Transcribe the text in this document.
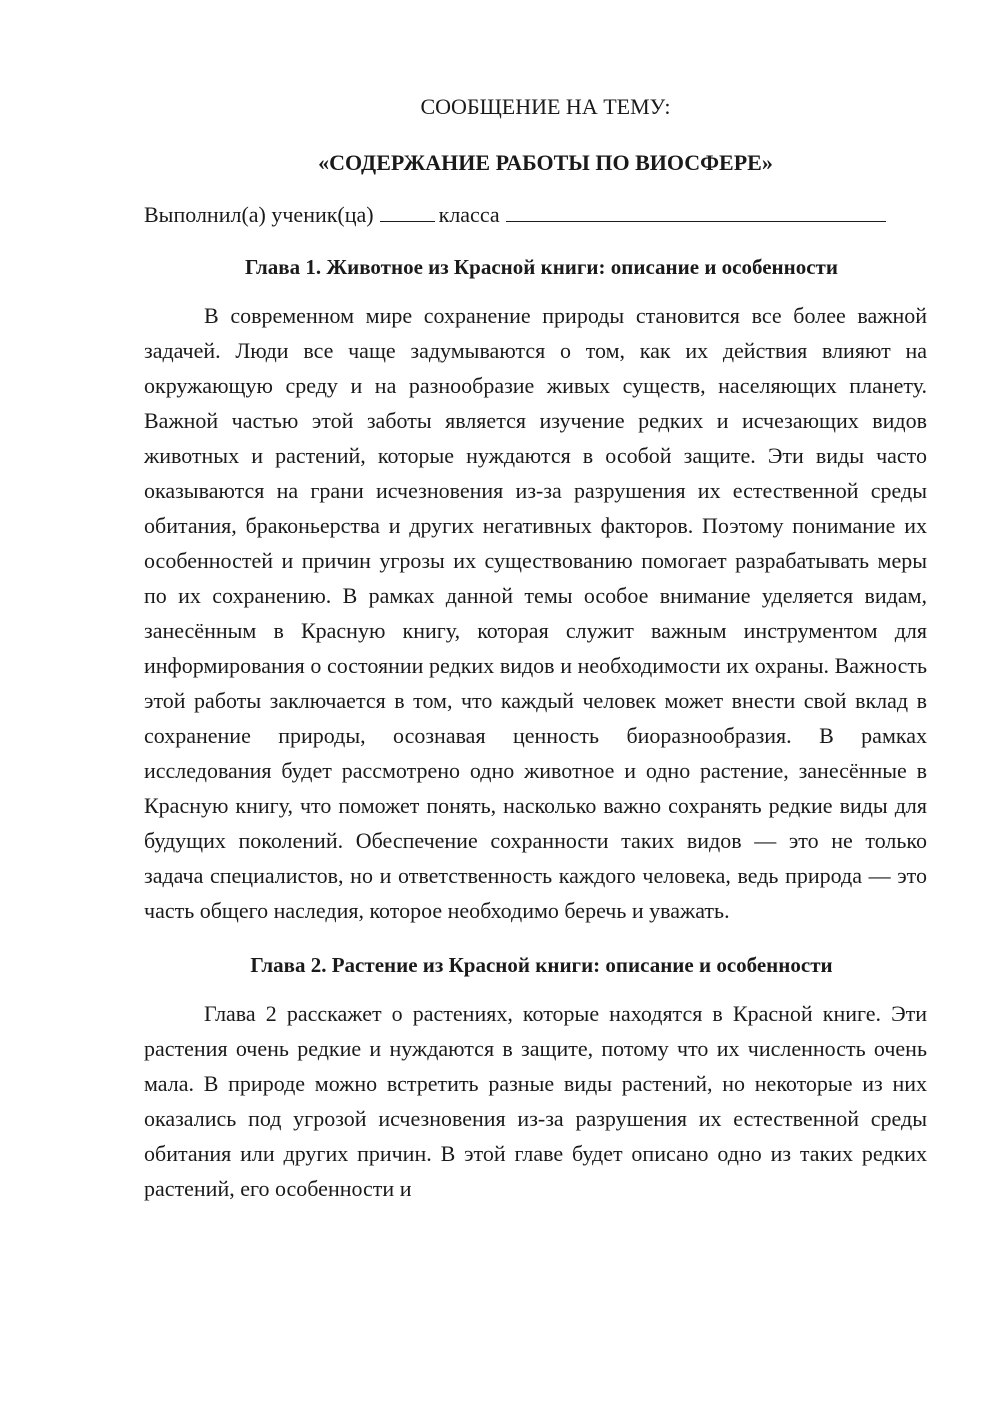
СООБЩЕНИЕ НА ТЕМУ:

«СОДЕРЖАНИЕ РАБОТЫ ПО ВИОСФЕРЕ»

Выполнил(а) ученик(ца)	класса

Глава 1. Животное из Красной книги: описание и особенности

В современном мире сохранение природы становится все более важной задачей. Люди все чаще задумываются о том, как их действия влияют на окружающую среду и на разнообразие живых существ, населяющих планету. Важной частью этой заботы является изучение редких и исчезающих видов животных и растений, которые нуждаются в особой защите. Эти виды часто оказываются на грани исчезновения из-за разрушения их естественной среды обитания, браконьерства и других негативных факторов. Поэтому понимание их особенностей и причин угрозы их существованию помогает разрабатывать меры по их сохранению. В рамках данной темы особое внимание уделяется видам, занесённым в Красную книгу, которая служит важным инструментом для информирования о состоянии редких видов и необходимости их охраны. Важность этой работы заключается в том, что каждый человек может внести свой вклад в сохранение природы, осознавая ценность биоразнообразия. В рамках исследования будет рассмотрено одно животное и одно растение, занесённые в Красную книгу, что поможет понять, насколько важно сохранять редкие виды для будущих поколений. Обеспечение сохранности таких видов — это не только задача специалистов, но и ответственность каждого человека, ведь природа — это часть общего наследия, которое необходимо беречь и уважать.

Глава 2. Растение из Красной книги: описание и особенности

Глава 2 расскажет о растениях, которые находятся в Красной книге. Эти растения очень редкие и нуждаются в защите, потому что их численность очень мала. В природе можно встретить разные виды растений, но некоторые из них оказались под угрозой исчезновения из-за разрушения их естественной среды обитания или других причин. В этой главе будет описано одно из таких редких растений, его особенности и
